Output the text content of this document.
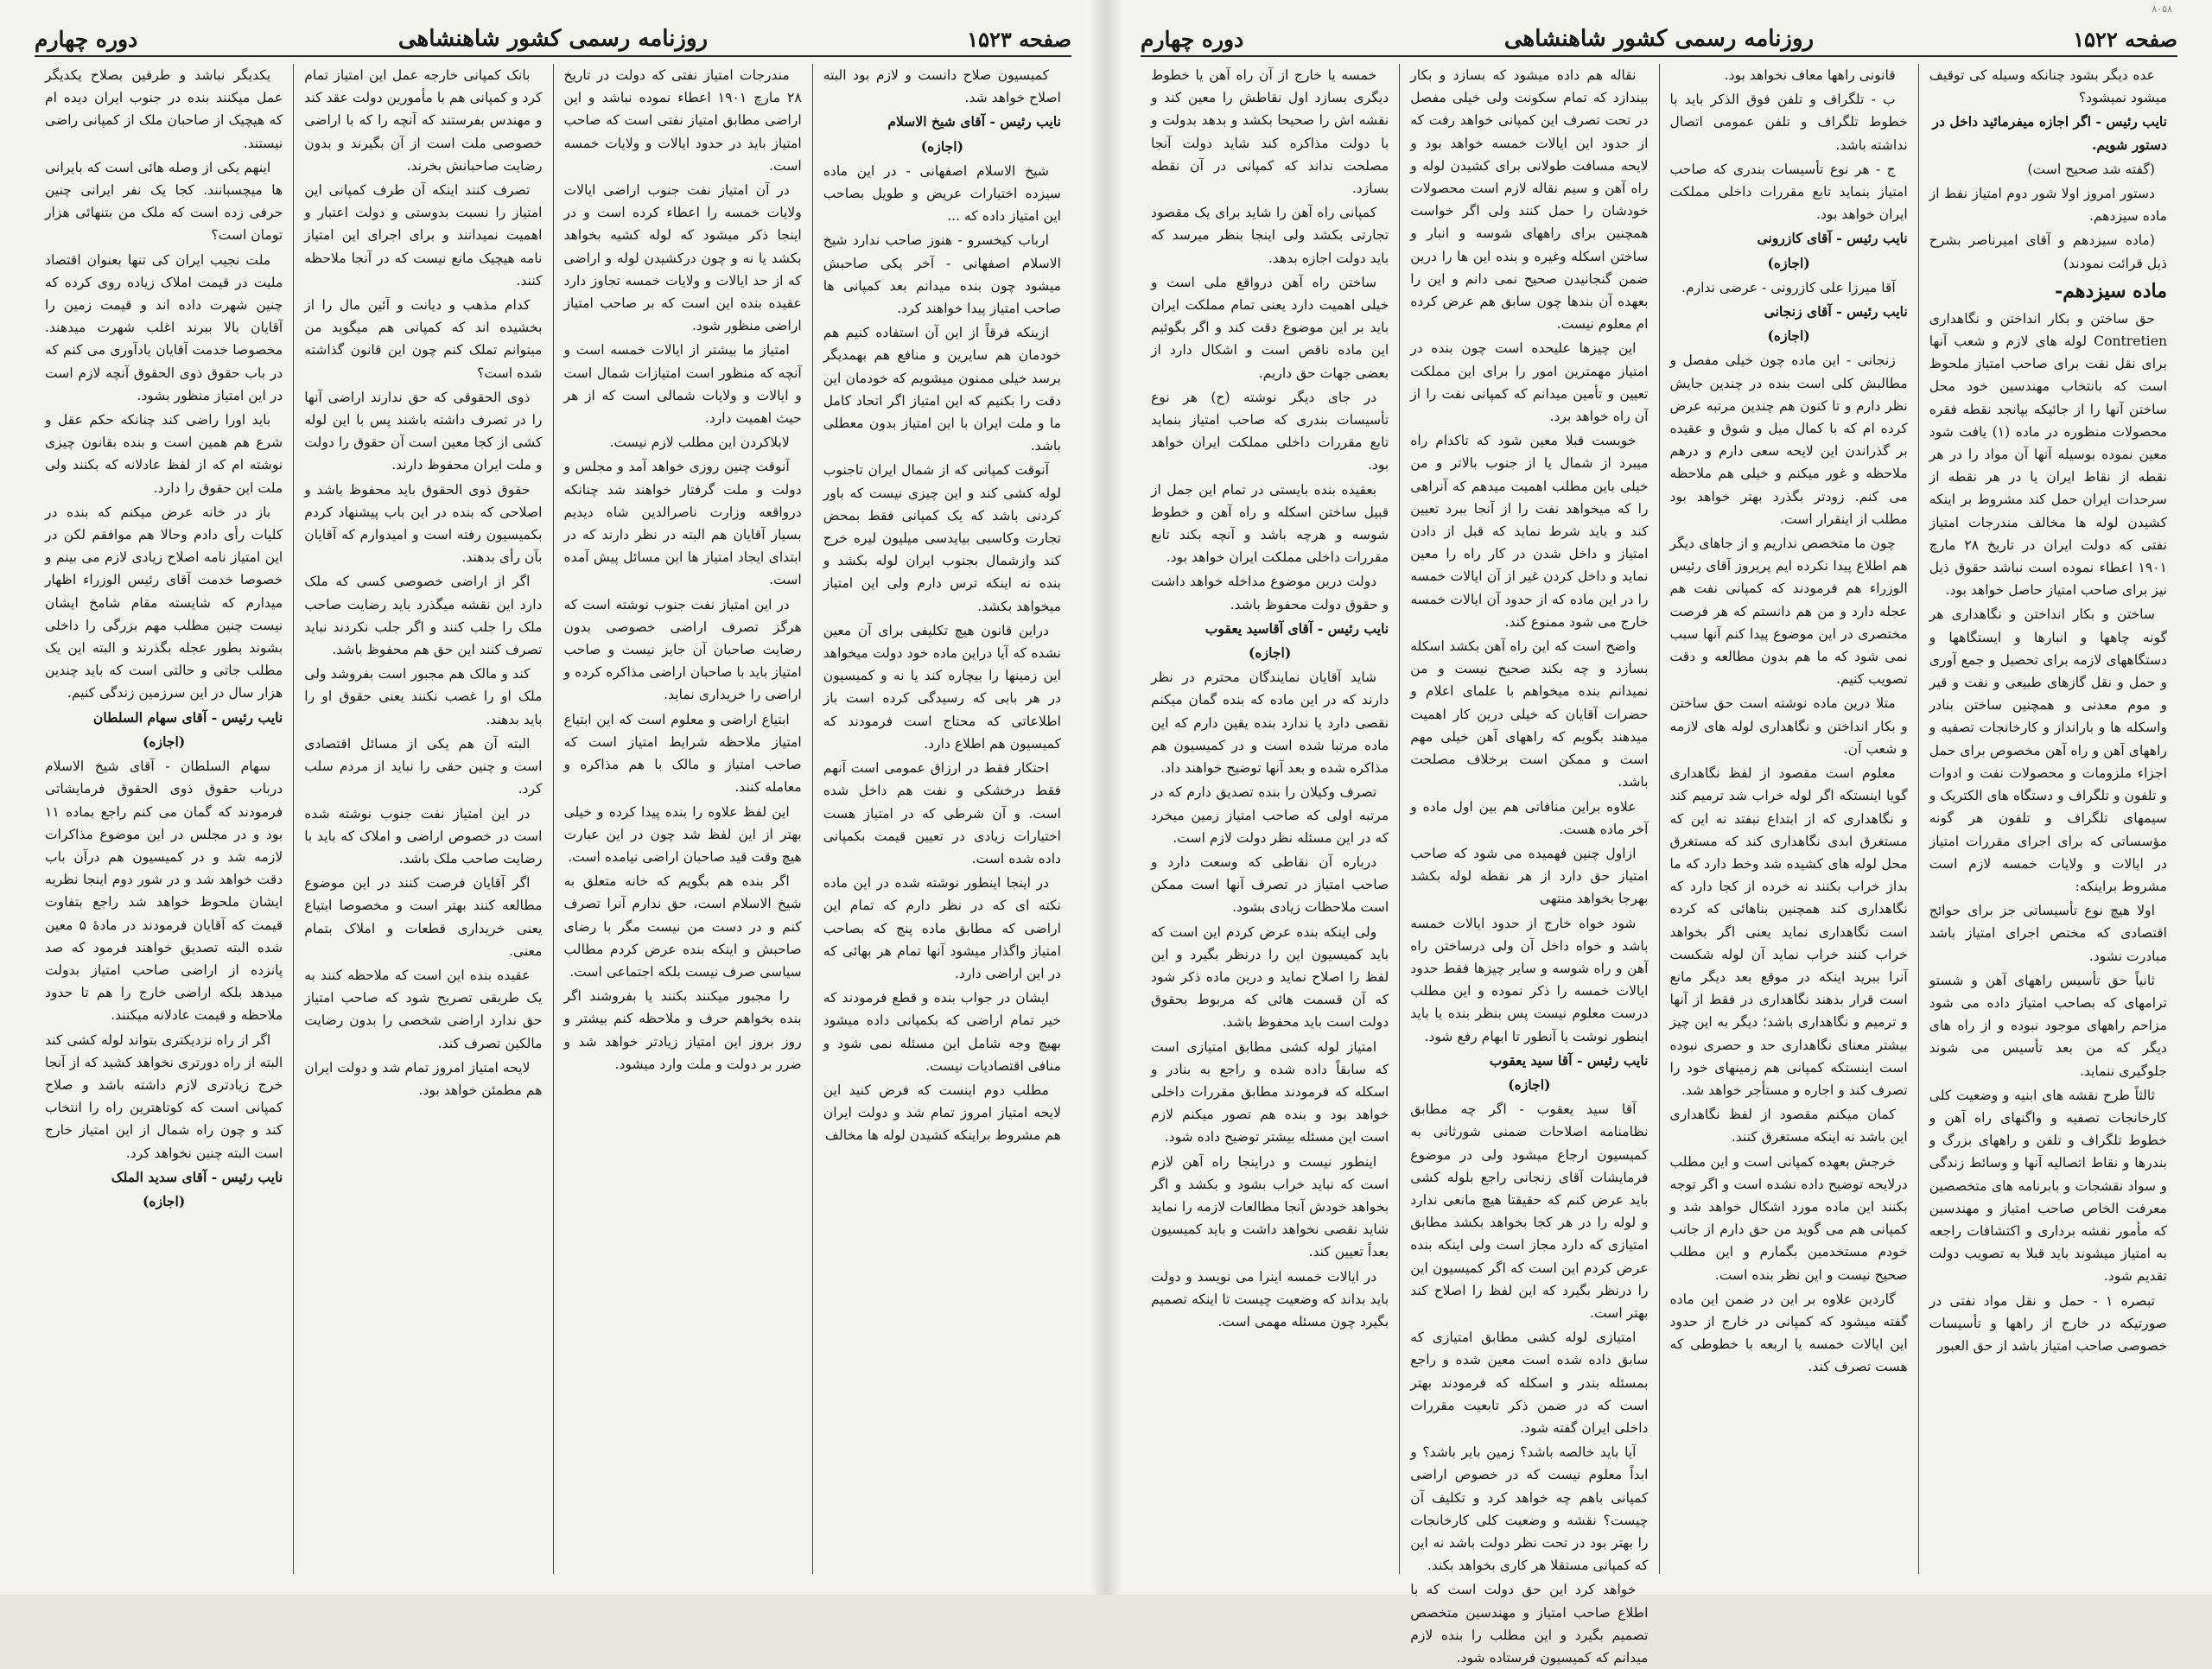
صفحه ۱۵۲۳
روزنامه رسمی کشور شاهنشاهی
دوره چهارم

کمیسیون صلاح دانست و لازم بود البته اصلاح خواهد شد.

نایب رئیس - آقای شیخ الاسلام

(اجازه)

شیخ الاسلام اصفهانی - در این ماده سیزده اختیارات عریض و طویل بصاحب این امتیاز داده که ...

ارباب کیخسرو - هنوز صاحب ندارد شیخ الاسلام اصفهانی - آخر یکی صاحبش میشود چون بنده میدانم بعد کمپانی ها صاحب امتیاز پیدا خواهند کرد.

ازینکه فرقاً از این آن استفاده کنیم هم خودمان هم سایرین و منافع هم بهمدیگر برسد خیلی ممنون میشویم که خودمان این دقت را بکنیم که این امتیاز اگر اتحاد کامل ما و ملت ایران با این امتیاز بدون معطلی باشد.

آنوقت کمپانی که از شمال ایران تاجنوب لوله کشی کند و این چیزی نیست که باور کردنی باشد که یک کمپانی فقط بمحض تجارت وکاسبی بیایدسی میلیون لیره خرج کند وازشمال بجنوب ایران لوله بکشد و بنده نه اینکه ترس دارم ولی این امتیاز میخواهد بکشد.

دراین قانون هیچ تکلیفی برای آن معین نشده که آیا دراین ماده خود دولت میخواهد این زمینها را بیچاره کند یا نه و کمیسیون در هر بابی که رسیدگی کرده است باز اطلاعاتی که محتاج است فرمودند که کمیسیون هم اطلاع دارد.

احتکار فقط در ارزاق عمومی است آنهم فقط درخشکی و نفت هم داخل شده است. و آن شرطی که در امتیاز هست اختیارات زیادی در تعیین قیمت بکمپانی داده شده است.

در اینجا اینطور نوشته شده در این ماده نکته ای که در نظر دارم که تمام این اراضی که مطابق ماده پنج که بصاحب امتیاز واگذار میشود آنها تمام هر بهائی که در این اراضی دارد.

ایشان در جواب بنده و قطع فرمودند که خیر تمام اراضی که بکمپانی داده میشود بهیچ وجه شامل این مسئله نمی شود و منافی اقتصادیات نیست.

مطلب دوم اینست که فرض کنید این لایحه امتیاز امروز تمام شد و دولت ایران هم مشروط براینکه کشیدن لوله ها مخالف

مندرجات امتیاز نفتی که دولت در تاریخ ۲۸ مارچ ۱۹۰۱ اعطاء نموده نباشد و این اراضی مطابق امتیاز نفتی است که صاحب امتیاز باید در حدود ایالات و ولایات خمسه است.

در آن امتیاز نفت جنوب اراضی ایالات ولایات خمسه را اعطاء کرده است و در اینجا ذکر میشود که لوله کشیه بخواهد بکشد یا نه و چون درکشیدن لوله و اراضی که از حد ایالات و ولایات خمسه تجاوز دارد عقیده بنده این است که بر صاحب امتیاز اراضی منظور شود.

امتیاز ما بیشتر از ایالات خمسه است و آنچه که منظور است امتیازات شمال است و ایالات و ولایات شمالی است که از هر حیث اهمیت دارد.

لابلاکردن این مطلب لازم نیست.

آنوقت چنین روزی خواهد آمد و مجلس و دولت و ملت گرفتار خواهند شد چنانکه درواقعه وزارت ناصرالدین شاه دیدیم بسیار آقایان هم البته در نظر دارند که در ابتدای ایجاد امتیاز ها این مسائل پیش آمده است.

در این امتیاز نفت جنوب نوشته است که هرگز تصرف اراضی خصوصی بدون رضایت صاحبان آن جایز نیست و صاحب امتیاز باید با صاحبان اراضی مذاکره کرده و اراضی را خریداری نماید.

ابتیاع اراضی و معلوم است که این ابتیاع امتیاز ملاحظه شرایط امتیاز است که صاحب امتیاز و مالک با هم مذاکره و معامله کنند.

این لفظ علاوه را بنده پیدا کرده و خیلی بهتر از این لفظ شد چون در این عبارت هیچ وقت قید صاحبان اراضی نیامده است.

اگر بنده هم بگویم که خانه متعلق به شیخ الاسلام است، حق ندارم آنرا تصرف کنم و در دست من نیست مگر با رضای صاحبش و اینکه بنده عرض کردم مطالب سیاسی صرف نیست بلکه اجتماعی است.

را مجبور میکنند بکنند یا بفروشند اگر بنده بخواهم حرف و ملاحظه کنم بیشتر و روز بروز این امتیاز زیادتر خواهد شد و ضرر بر دولت و ملت وارد میشود.

بانک کمپانی خارجه عمل این امتیاز تمام کرد و کمپانی هم با مأمورین دولت عقد کند و مهندس بفرستند که آنچه را که با اراضی خصوصی ملت است از آن بگیرند و بدون رضایت صاحبانش بخرند.

تصرف کنند اینکه آن طرف کمپانی این امتیاز را نسبت بدوستی و دولت اعتبار و اهمیت نمیدانند و برای اجرای این امتیاز نامه هیچیک مانع نیست که در آنجا ملاحظه کنند.

کدام مذهب و دیانت و آئین مال را از بخشیده اند که کمپانی هم میگوید من میتوانم تملک کنم چون این قانون گذاشته شده است؟

ذوی الحقوقی که حق ندارند اراضی آنها را در تصرف داشته باشند پس با این لوله کشی از کجا معین است آن حقوق را دولت و ملت ایران محفوظ دارند.

حقوق ذوی الحقوق باید محفوظ باشد و اصلاحی که بنده در این باب پیشنهاد کردم بکمیسیون رفته است و امیدوارم که آقایان بآن رأی بدهند.

اگر از اراضی خصوصی کسی که ملک دارد این نقشه میگذرد باید رضایت صاحب ملک را جلب کنند و اگر جلب نکردند نباید تصرف کنند این حق هم محفوظ باشد.

کند و مالک هم مجبور است بفروشد ولی ملک او را غصب نکنند یعنی حقوق او را باید بدهند.

البته آن هم یکی از مسائل اقتصادی است و چنین حقی را نباید از مردم سلب کرد.

در این امتیاز نفت جنوب نوشته شده است در خصوص اراضی و املاک که باید با رضایت صاحب ملک باشد.

اگر آقایان فرصت کنند در این موضوع مطالعه کنند بهتر است و مخصوصا ابتیاع یعنی خریداری قطعات و املاک بتمام معنی.

عقیده بنده این است که ملاحظه کنند به یک طریقی تصریح شود که صاحب امتیاز حق ندارد اراضی شخصی را بدون رضایت مالکین تصرف کند.

لایحه امتیاز امروز تمام شد و دولت ایران هم مطمئن خواهد بود.

یکدیگر نباشد و طرفین بصلاح یکدیگر عمل میکنند بنده در جنوب ایران دیده ام که هیچیک از صاحبان ملک از کمپانی راضی نیستند.

اینهم یکی از وصله هائی است که بایرانی ها میچسبانند. کجا یک نفر ایرانی چنین حرفی زده است که ملک من بتنهائی هزار تومان است؟

ملت نجیب ایران کی تنها بعنوان اقتصاد ملیت در قیمت املاک زیاده روی کرده که چنین شهرت داده اند و قیمت زمین را آقایان بالا ببرند اغلب شهرت میدهند. مخصوصا خدمت آقایان یادآوری می کنم که در باب حقوق ذوی الحقوق آنچه لازم است در این امتیاز منظور بشود.

باید اورا راضی کند چنانکه حکم عقل و شرع هم همین است و بنده بقانون چیزی نوشته ام که از لفظ عادلانه که بکنند ولی ملت این حقوق را دارد.

باز در خانه عرض میکنم که بنده در کلیات رأی دادم وحالا هم موافقم لکن در این امتیاز نامه اصلاح زیادی لازم می بینم و خصوصا خدمت آقای رئیس الوزراء اظهار میدارم که شایسته مقام شامخ ایشان نیست چنین مطلب مهم بزرگی را داخلی بشوند بطور عجله بگذرند و البته این یک مطلب جاتی و حالتی است که باید چندین هزار سال در این سرزمین زندگی کنیم.

نایب رئیس - آقای سهام السلطان

(اجازه)

سهام السلطان - آقای شیخ الاسلام درباب حقوق ذوی الحقوق فرمایشاتی فرمودند که گمان می کنم راجع بماده ۱۱ بود و در مجلس در این موضوع مذاکرات لازمه شد و در کمیسیون هم درآن باب دقت خواهد شد و در شور دوم اینجا نظریه ایشان ملحوظ خواهد شد راجع بتفاوت قیمت که آقایان فرمودند در مادهٔ ۵ معین شده البته تصدیق خواهند فرمود که صد پانزده از اراضی صاحب امتیاز بدولت میدهد بلکه اراضی خارج را هم تا حدود ملاحظه و قیمت عادلانه میکنند.

اگر از راه نزدیکتری بتواند لوله کشی کند البته از راه دورتری نخواهد کشید که از آنجا خرج زیادتری لازم داشته باشد و صلاح کمپانی است که کوتاهترین راه را انتخاب کند و چون راه شمال از این امتیاز خارج است البته چنین نخواهد کرد.

نایب رئیس - آقای سدید الملک

(اجازه)

۸۰۵۸
صفحه ۱۵۲۲
روزنامه رسمی کشور شاهنشاهی
دوره چهارم

عده دیگر بشود چنانکه وسیله کی توقیف میشود نمیشود؟

نایب رئیس - اگر اجازه میفرمائید داخل در دستور شویم.

(گفته شد صحیح است)

دستور امروز اولا شور دوم امتیاز نفط از ماده سیزدهم.

(ماده سیزدهم و آقای امیرناصر بشرح ذیل قرائت نمودند)

ماده سیزدهم-

حق ساختن و بکار انداختن و نگاهداری Contretien لوله های لازم و شعب آنها برای نقل نفت برای صاحب امتیاز ملحوظ است که بانتخاب مهندسین خود محل ساختن آنها را از جائیکه بپانجد نقطه فقره محصولات منظوره در ماده (۱) یافت شود معین نموده بوسیله آنها آن مواد را در هر نقطه از نقاط ایران یا در هر نقطه از سرحدات ایران حمل کند مشروط بر اینکه کشیدن لوله ها مخالف مندرجات امتیاز نفتی که دولت ایران در تاریخ ۲۸ مارچ ۱۹۰۱ اعطاء نموده است نباشد حقوق ذیل نیز برای صاحب امتیاز حاصل خواهد بود.

ساختن و بکار انداختن و نگاهداری هر گونه چاهها و انبارها و ایستگاهها و دستگاههای لازمه برای تحصیل و جمع آوری و حمل و نقل گازهای طبیعی و نفت و قیر و موم معدنی و همچنین ساختن بنادر واسکله ها و بارانداز و کارخانجات تصفیه و راههای آهن و راه آهن مخصوص برای حمل اجزاء ملزومات و محصولات نفت و ادوات و تلفون و تلگراف و دستگاه های الکتریک و سیمهای تلگراف و تلفون هر گونه مؤسساتی که برای اجرای مقررات امتیاز در ایالات و ولایات خمسه لازم است مشروط براینکه:

اولا هیچ نوع تأسیساتی جز برای حوائج اقتصادی که مختص اجرای امتیاز باشد مبادرت نشود.

ثانیاً حق تأسیس راههای آهن و شستو ترامهای که بصاحب امتیاز داده می شود مزاحم راههای موجود نبوده و از راه های دیگر که من بعد تأسیس می شوند جلوگیری ننماید.

ثالثاً طرح نقشه های ابنیه و وضعیت کلی کارخانجات تصفیه و واگنهای راه آهن و خطوط تلگراف و تلفن و راههای بزرگ و بندرها و نقاط اتصالیه آنها و وسائط زندگی و سواد نقشجات و بابرنامه های متخصصین معرفت الخاص صاحب امتیاز و مهندسین که مأمور نقشه برداری و اکتشافات راجعه به امتیاز میشوند باید قبلا به تصویب دولت تقدیم شود.

تبصره ۱ - حمل و نقل مواد نفتی در صورتیکه در خارج از راهها و تأسیسات خصوصی صاحب امتیاز باشد از حق العبور

قانونی راهها معاف نخواهد بود.

ب - تلگراف و تلفن فوق الذکر باید با خطوط تلگراف و تلفن عمومی اتصال نداشته باشد.

ج - هر نوع تأسیسات بندری که صاحب امتیاز بنماید تابع مقررات داخلی مملکت ایران خواهد بود.

نایب رئیس - آقای کازرونی

(اجازه)

آقا میرزا علی کازرونی - عرضی ندارم.

نایب رئیس - آقای زنجانی

(اجازه)

زنجانی - این ماده چون خیلی مفصل و مطالبش کلی است بنده در چندین جایش نظر دارم و تا کنون هم چندین مرتبه عرض کرده ام که با کمال میل و شوق و عقیده بر گذراندن این لایحه سعی دارم و درهم ملاحظه و غور میکنم و خیلی هم ملاحظه می کنم. زودتر بگذرد بهتر خواهد بود مطلب از اینقرار است.

چون ما متخصص نداریم و از جاهای دیگر هم اطلاع پیدا نکرده ایم پریروز آقای رئیس الوزراء هم فرمودند که کمپانی نفت هم عجله دارد و من هم دانستم که هر فرصت مختصری در این موضوع پیدا کنم آنها سبب نمی شود که ما هم بدون مطالعه و دقت تصویب کنیم.

متلا درین ماده نوشته است حق ساختن و بکار انداختن و نگاهداری لوله های لازمه و شعب آن.

معلوم است مقصود از لفظ نگاهداری گویا اینستکه اگر لوله خراب شد ترمیم کند و نگاهداری که از ابتداع نبفتد نه این که مستغرق ابدی نگاهداری کند که مستغرق محل لوله های کشیده شد وخط دارد که ما بداز خراب بکنند نه خرده از کجا دارد که نگاهداری کند همچنین بناهائی که کرده است نگاهداری نماید یعنی اگر بخواهد خراب کنند خراب نماید آن لوله شکست آنرا ببرید اینکه در موقع بعد دیگر مانع است قرار بدهند نگاهداری در فقط از آنها و ترمیم و نگاهداری باشد؛ دیگر به این چیز بیشتر معنای نگاهداری حد و حصری نبوده است اینستکه کمپانی هم زمینهای خود را تصرف کند و اجاره و مستأجر خواهد شد.

کمان میکنم مقصود از لفظ نگاهداری این باشد نه اینکه مستغرق کنند.

خرجش بعهده کمپانی است و این مطلب درلایحه توضیح داده نشده است و اگر توجه بکنند این ماده مورد اشکال خواهد شد و کمپانی هم می گوید من حق دارم از جانب خودم مستخدمین بگمارم و این مطلب صحیح نیست و این نظر بنده است.

گاردین علاوه بر این در ضمن این ماده گفته میشود که کمپانی در خارج از حدود این ایالات خمسه یا اربعه با خطوطی که هست تصرف کند.

نقاله هم داده میشود که بسازد و بکار بیندازد که تمام سکونت ولی خیلی مفصل در تحت تصرف این کمپانی خواهد رفت که از حدود این ایالات خمسه خواهد بود و لایحه مسافت طولانی برای کشیدن لوله و راه آهن و سیم نقاله لازم است محصولات خودشان را حمل کنند ولی اگر خواست همچنین برای راههای شوسه و انبار و ساختن اسکله وغیره و بنده این ها را درین ضمن گنجانیدن صحیح نمی دانم و این را بعهده آن بندها چون سابق هم عرض کرده ام معلوم نیست.

این چیزها علیحده است چون بنده در امتیاز مهمترین امور را برای این مملکت تعیین و تأمین میدانم که کمپانی نفت را از آن راه خواهد برد.

خوبست قبلا معین شود که تاکدام راه میبرد از شمال یا از جنوب بالاتر و من خیلی باین مطلب اهمیت میدهم که آنراهی را که میخواهد نفت را از آنجا ببرد تعیین کند و باید شرط نماید که قبل از دادن امتیاز و داخل شدن در کار راه را معین نماید و داخل کردن غیر از آن ایالات خمسه را در این ماده که از حدود آن ایالات خمسه خارج می شود ممنوع کند.

واضح است که این راه آهن بکشد اسکله بسازد و چه بکند صحیح نیست و من نمیدانم بنده میخواهم با علمای اعلام و حضرات آقایان که خیلی درین کار اهمیت میدهند بگویم که راههای آهن خیلی مهم است و ممکن است برخلاف مصلحت باشد.

علاوه براین منافاتی هم بین اول ماده و آخر ماده هست.

ازاول چنین فهمیده می شود که صاحب امتیاز حق دارد از هر نقطه لوله بکشد بهرجا بخواهد منتهی

شود خواه خارج از حدود ایالات خمسه باشد و خواه داخل آن ولی درساختن راه آهن و راه شوسه و سایر چیزها فقط حدود ایالات خمسه را ذکر نموده و این مطلب درست معلوم نیست پس بنظر بنده یا باید اینطور نوشت یا آنطور تا ابهام رفع شود.

نایب رئیس - آقا سید یعقوب

(اجازه)

آقا سید یعقوب - اگر چه مطابق نظامنامه اصلاحات ضمنی شورثانی به کمیسیون ارجاع میشود ولی در موضوع فرمایشات آقای زنجانی راجع بلوله کشی باید عرض کنم که حقیقتا هیچ مانعی ندارد و لوله را در هر کجا بخواهد بکشد مطابق امتیازی که دارد مجاز است ولی اینکه بنده عرض کردم این است که اگر کمیسیون این را درنظر بگیرد که این لفظ را اصلاح کند بهتر است.

امتیازی لوله کشی مطابق امتیازی که سابق داده شده است معین شده و راجع بمسئله بندر و اسکله که فرمودند بهتر است که در ضمن ذکر تابعیت مقررات داخلی ایران گفته شود.

آیا باید خالصه باشد؟ زمین بایر باشد؟ و ابداً معلوم نیست که در خصوص اراضی کمپانی باهم چه خواهد کرد و تکلیف آن چیست؟ نقشه و وضعیت کلی کارخانجات را بهتر بود در تحت نظر دولت باشد نه این که کمپانی مستقلا هر کاری بخواهد بکند.

خواهد کرد این حق دولت است که با اطلاع صاحب امتیاز و مهندسین متخصص تصمیم بگیرد و این مطلب را بنده لازم میدانم که کمیسیون فرستاده شود.

خمسه یا خارج از آن راه آهن یا خطوط دیگری بسازد اول نقاطش را معین کند و نقشه اش را صحیحا بکشد و بدهد بدولت و با دولت مذاکره کند شاید دولت آنجا مصلحت نداند که کمپانی در آن نقطه بسازد.

کمپانی راه آهن را شاید برای یک مقصود تجارتی بکشد ولی اینجا بنظر میرسد که باید دولت اجازه بدهد.

ساختن راه آهن درواقع ملی است و خیلی اهمیت دارد یعنی تمام مملکت ایران باید بر این موضوع دقت کند و اگر بگوئیم این ماده ناقص است و اشکال دارد از بعضی جهات حق داریم.

در جای دیگر نوشته (ح) هر نوع تأسیسات بندری که صاحب امتیاز بنماید تابع مقررات داخلی مملکت ایران خواهد بود.

بعقیده بنده بایستی در تمام این جمل از قبیل ساختن اسکله و راه آهن و خطوط شوسه و هرچه باشد و آنچه بکند تابع مقررات داخلی مملکت ایران خواهد بود.

دولت درین موضوع مداخله خواهد داشت و حقوق دولت محفوظ باشد.

نایب رئیس - آقای آقاسید یعقوب

(اجازه)

شاید آقایان نمایندگان محترم در نظر دارند که در این ماده که بنده گمان میکنم نقصی دارد یا ندارد بنده یقین دارم که این ماده مرتبا شده است و در کمیسیون هم مذاکره شده و بعد آنها توضیح خواهند داد.

تصرف وکیلان را بنده تصدیق دارم که در مرتبه اولی که صاحب امتیاز زمین میخرد که در این مسئله نظر دولت لازم است.

درباره آن نقاطی که وسعت دارد و صاحب امتیاز در تصرف آنها است ممکن است ملاحظات زیادی بشود.

ولی اینکه بنده عرض کردم این است که باید کمیسیون این را درنظر بگیرد و این لفظ را اصلاح نماید و درین ماده ذکر شود که آن قسمت هائی که مربوط بحقوق دولت است باید محفوظ باشد.

امتیاز لوله کشی مطابق امتیازی است که سابقاً داده شده و راجع به بنادر و اسکله که فرمودند مطابق مقررات داخلی خواهد بود و بنده هم تصور میکنم لازم است این مسئله بیشتر توضیح داده شود.

اینطور نیست و دراینجا راه آهن لازم است که نباید خراب بشود و بکشد و اگر بخواهد خودش آنجا مطالعات لازمه را نماید شاید نقصی نخواهد داشت و باید کمیسیون بعداً تعیین کند.

در ایالات خمسه اینرا می نویسد و دولت باید بداند که وضعیت چیست تا اینکه تصمیم بگیرد چون مسئله مهمی است.
